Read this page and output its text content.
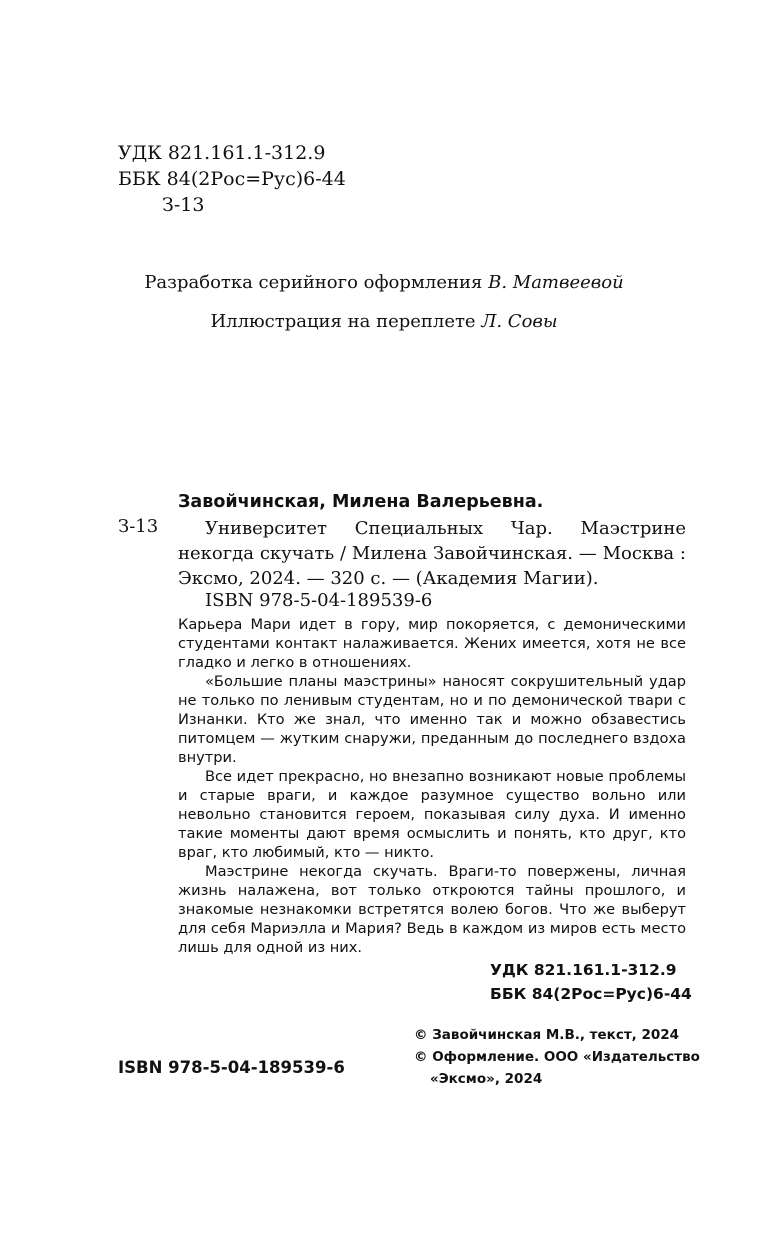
УДК 821.161.1-312.9
ББК 84(2Рос=Рус)6-44
З-13
Разработка серийного оформления В. Матвеевой
Иллюстрация на переплете Л. Совы
Завойчинская, Милена Валерьевна.
З-13	Университет Специальных Чар. Маэстрине некогда скучать / Милена Завойчинская. — Москва : Эксмо, 2024. — 320 с. — (Академия Магии).
ISBN 978-5-04-189539-6

Карьера Мари идет в гору, мир покоряется, с демоническими студентами контакт налаживается. Жених имеется, хотя не все гладко и легко в отношениях.

«Большие планы маэстрины» наносят сокрушительный удар не только по ленивым студентам, но и по демонической твари с Изнанки. Кто же знал, что именно так и можно обзавестись питомцем — жутким снаружи, преданным до последнего вздоха внутри.

Все идет прекрасно, но внезапно возникают новые проблемы и старые враги, и каждое разумное существо вольно или невольно становится героем, показывая силу духа. И именно такие моменты дают время осмыслить и понять, кто друг, кто враг, кто любимый, кто — никто.

Маэстрине некогда скучать. Враги-то повержены, личная жизнь налажена, вот только откроются тайны прошлого, и знакомые незнакомки встретятся волею богов. Что же выберут для себя Мариэлла и Мария? Ведь в каждом из миров есть место лишь для одной из них.

УДК 821.161.1-312.9
ББК 84(2Рос=Рус)6-44
© Завойчинская М.В., текст, 2024
© Оформление. ООО «Издательство
«Эксмо», 2024
ISBN 978-5-04-189539-6
